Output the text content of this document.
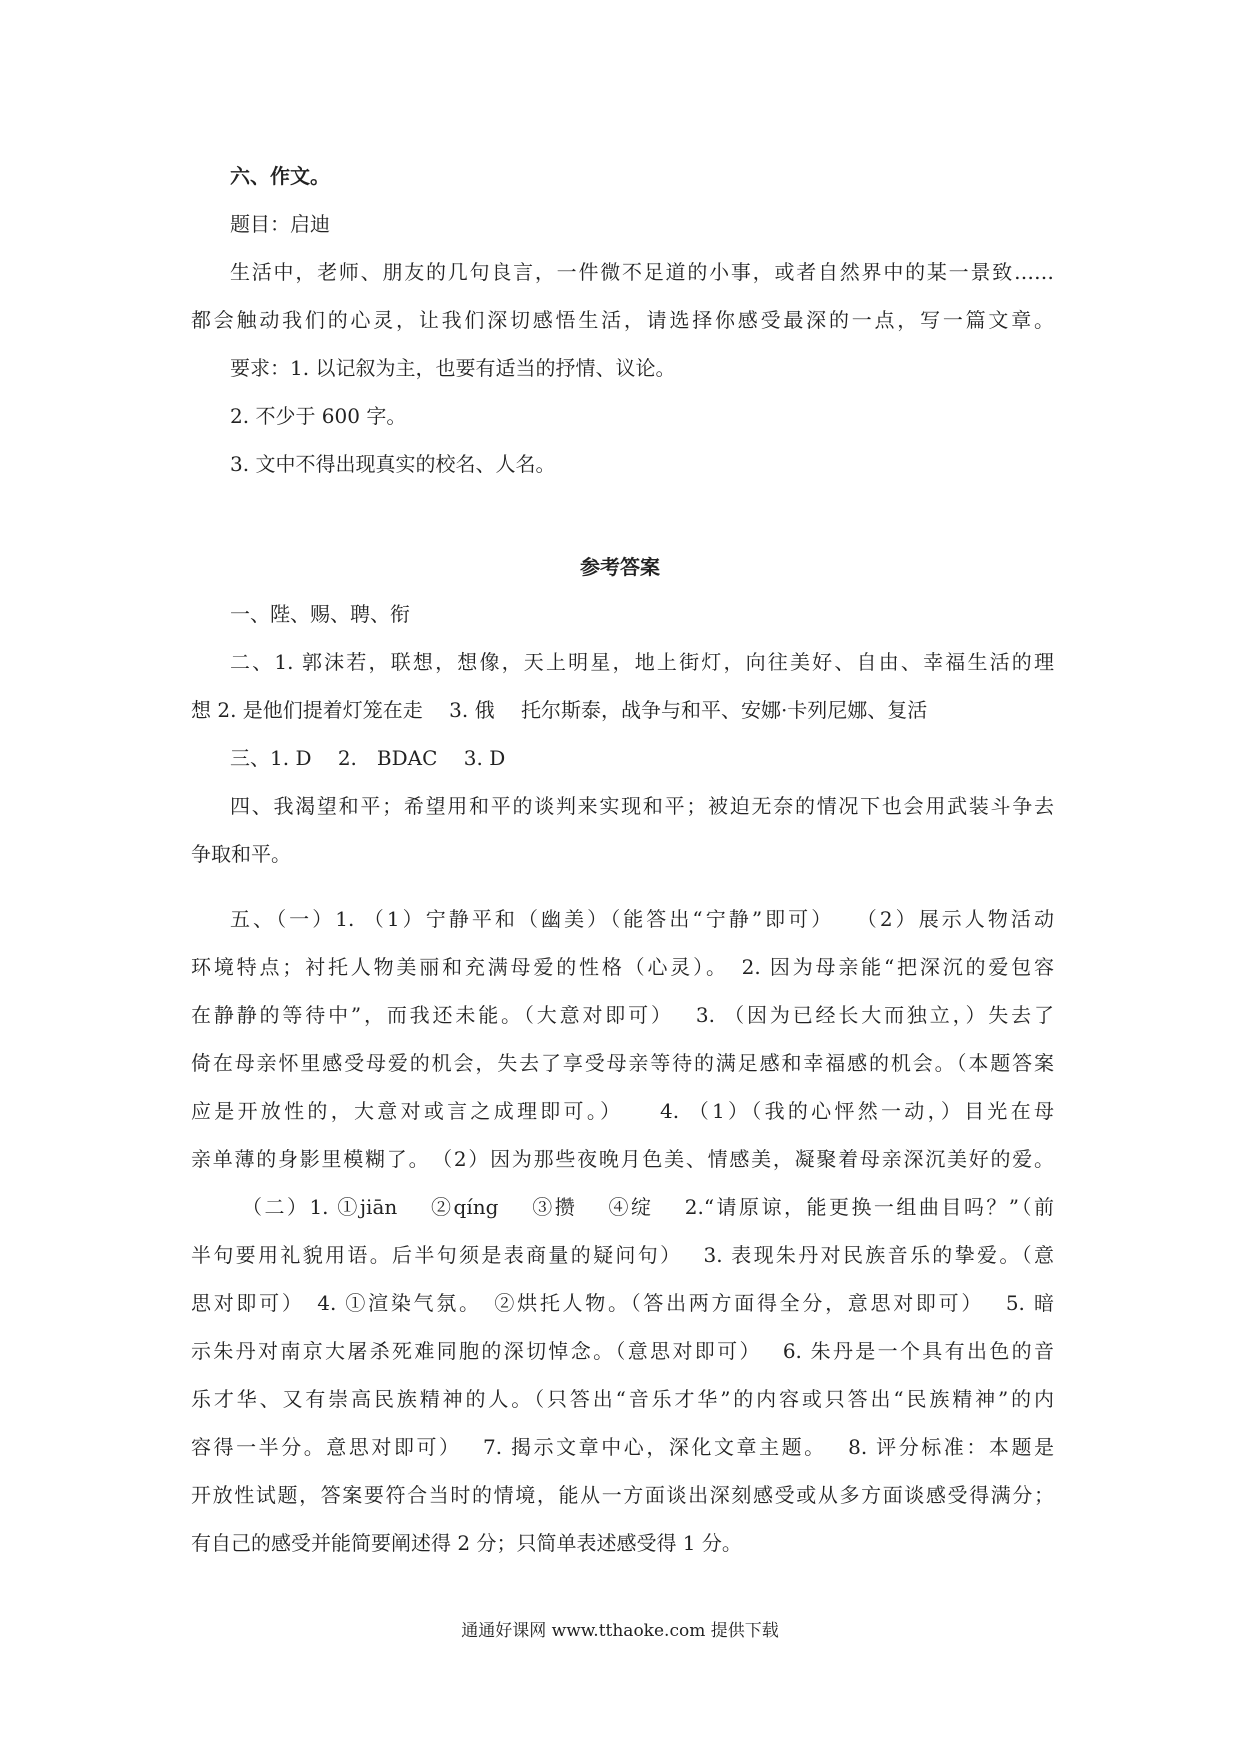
六、作文。
题目：启迪
生活中，老师、朋友的几句良言，一件微不足道的小事，或者自然界中的某一景致……
都会触动我们的心灵，让我们深切感悟生活，请选择你感受最深的一点，写一篇文章。
要求：1. 以记叙为主，也要有适当的抒情、议论。
2. 不少于 600 字。
3. 文中不得出现真实的校名、人名。
参考答案
一、陛、赐、聘、衔
二、1. 郭沫若，联想，想像，天上明星，地上街灯，向往美好、自由、幸福生活的理
想 2. 是他们提着灯笼在走　 3. 俄　 托尔斯泰，战争与和平、安娜·卡列尼娜、复活
三、1. D　 2.　BDAC　 3. D
四、我渴望和平；希望用和平的谈判来实现和平；被迫无奈的情况下也会用武装斗争去
争取和平。
五、（一）1. （1）宁静平和（幽美）（能答出“宁静”即可）　 （2）展示人物活动
环境特点；衬托人物美丽和充满母爱的性格（心灵）。　2. 因为母亲能“把深沉的爱包容
在静静的等待中”，而我还未能。（大意对即可）　 3. （因为已经长大而独立，）失去了
倚在母亲怀里感受母爱的机会，失去了享受母亲等待的满足感和幸福感的机会。（本题答案
应是开放性的，大意对或言之成理即可。）　　4. （1）（我的心怦然一动，）目光在母
亲单薄的身影里模糊了。　（2）因为那些夜晚月色美、情感美，凝聚着母亲深沉美好的爱。
（二）1. ①jiān　 ②qíng　 ③攒　 ④绽　 2.“请原谅，能更换一组曲目吗？”（前
半句要用礼貌用语。后半句须是表商量的疑问句）　 3. 表现朱丹对民族音乐的挚爱。（意
思对即可）　4. ①渲染气氛。　②烘托人物。（答出两方面得全分，意思对即可）　 5. 暗
示朱丹对南京大屠杀死难同胞的深切悼念。（意思对即可）　 6. 朱丹是一个具有出色的音
乐才华、又有崇高民族精神的人。（只答出“音乐才华”的内容或只答出“民族精神”的内
容得一半分。意思对即可）　 7. 揭示文章中心，深化文章主题。　 8. 评分标准：本题是
开放性试题，答案要符合当时的情境，能从一方面谈出深刻感受或从多方面谈感受得满分；
有自己的感受并能简要阐述得 2 分；只简单表述感受得 1 分。
通通好课网 www.tthaoke.com 提供下载
